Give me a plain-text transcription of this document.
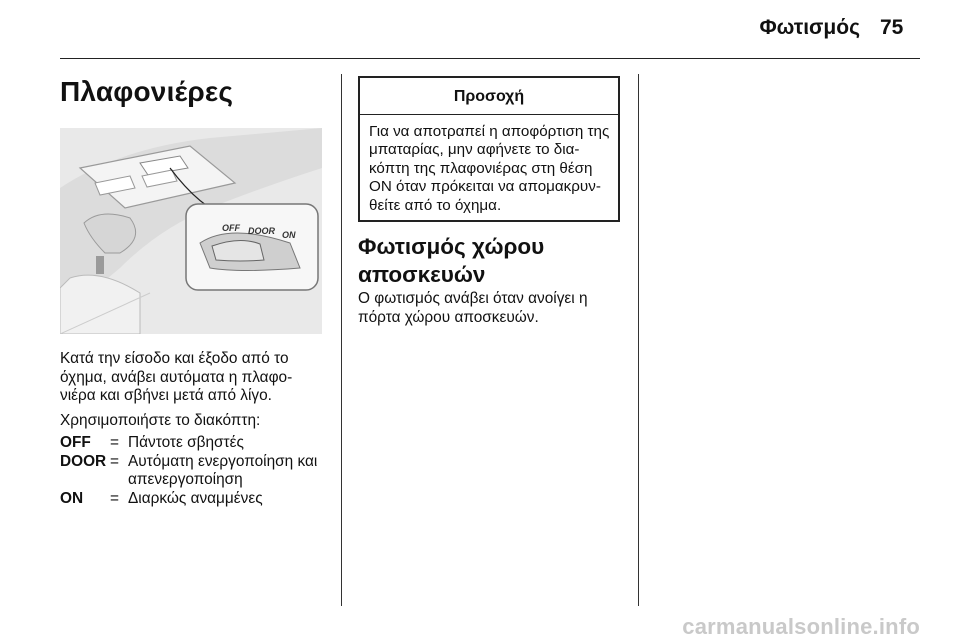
Φωτισμός 75
Πλαφονιέρες
OFF DOOR ON
Κατά την είσοδο και έξοδο από το όχημα, ανάβει αυτόματα η πλαφο-νιέρα και σβήνει μετά από λίγο.
Χρησιμοποιήστε το διακόπτη:
OFF	= Πάντοτε σβηστές
DOOR = Αυτόματη ενεργοποίηση και απενεργοποίηση
ON	= Διαρκώς αναμμένες
Προσοχή
Για να αποτραπεί η αποφόρτιση της μπαταρίας, μην αφήνετε το δια-κόπτη της πλαφονιέρας στη θέση ON όταν πρόκειται να απομακρυν-θείτε από το όχημα.
Φωτισμός χώρου αποσκευών
Ο φωτισμός ανάβει όταν ανοίγει η πόρτα χώρου αποσκευών.
carmanualsonline.info
